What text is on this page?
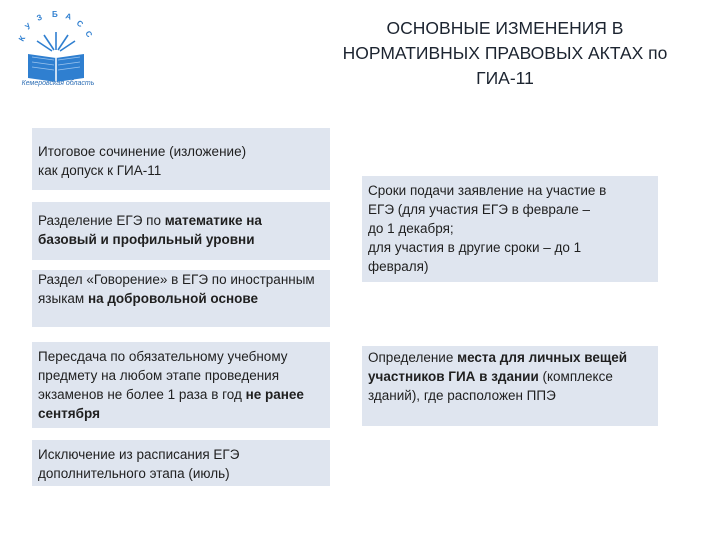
К
У
З Б А
С
С
Кемеровская область
ОСНОВНЫЕ ИЗМЕНЕНИЯ В
НОРМАТИВНЫХ ПРАВОВЫХ АКТАХ по
ГИА-11
Итоговое сочинение (изложение)
как допуск к ГИА-11
Разделение ЕГЭ по математике на базовый и профильный уровни
Раздел «Говорение» в ЕГЭ по иностранным языкам на добровольной основе
Пересдача по обязательному учебному предмету на любом этапе проведения экзаменов не более 1 раза в год не ранее сентября
Исключение из расписания ЕГЭ дополнительного этапа (июль)
Сроки подачи заявление на участие в
ЕГЭ (для участия ЕГЭ в феврале –
до 1 декабря;
для участия в другие сроки – до 1
февраля)
Определение места для личных вещей участников ГИА в здании (комплексе зданий), где расположен ППЭ
